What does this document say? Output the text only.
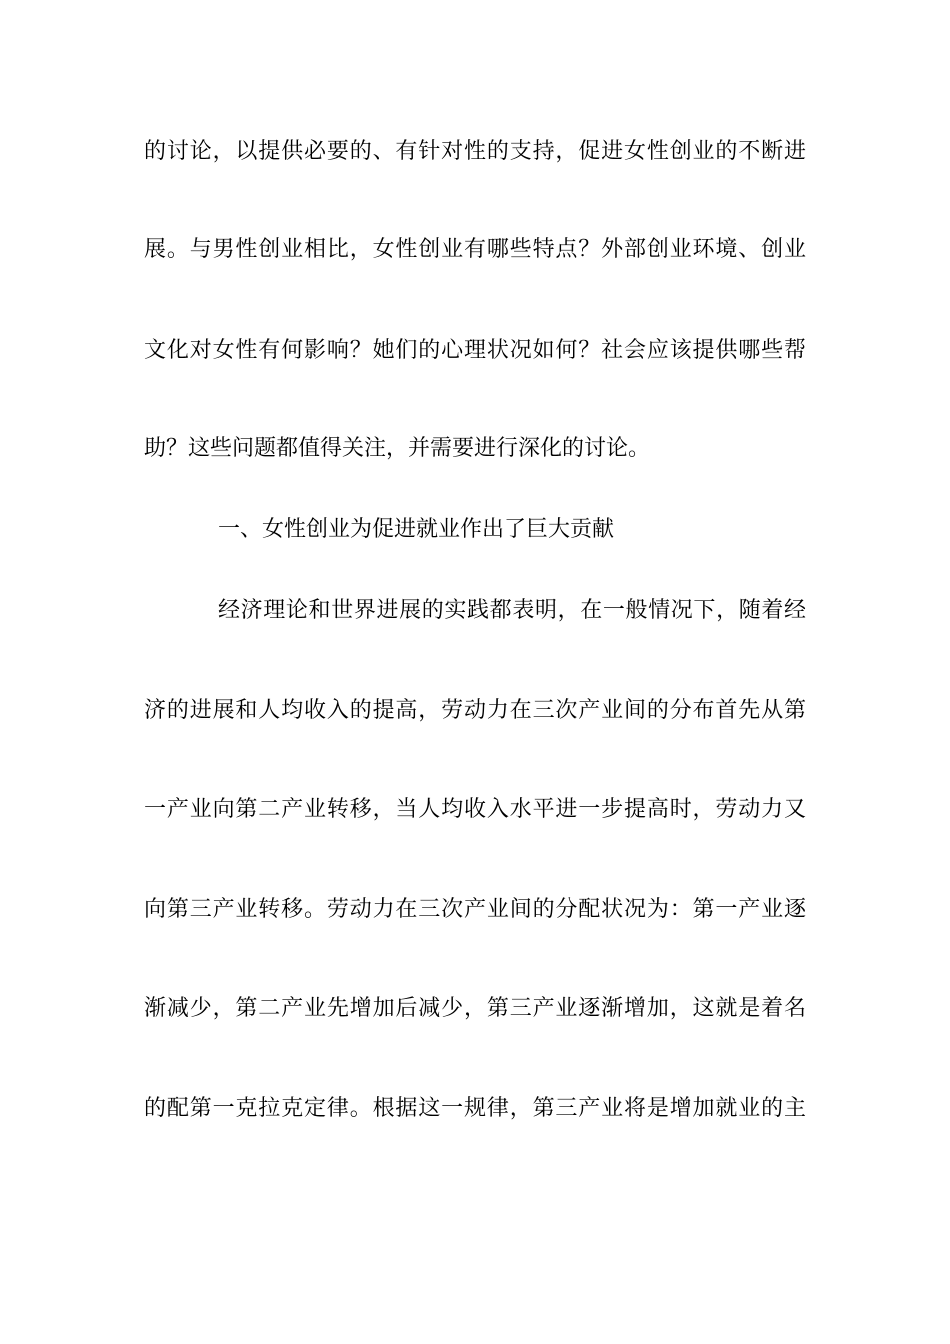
的讨论，以提供必要的、有针对性的支持，促进女性创业的不断进
展。与男性创业相比，女性创业有哪些特点？外部创业环境、创业
文化对女性有何影响？她们的心理状况如何？社会应该提供哪些帮
助？这些问题都值得关注，并需要进行深化的讨论。
一、女性创业为促进就业作出了巨大贡献
经济理论和世界进展的实践都表明，在一般情况下，随着经
济的进展和人均收入的提高，劳动力在三次产业间的分布首先从第
一产业向第二产业转移，当人均收入水平进一步提高时，劳动力又
向第三产业转移。劳动力在三次产业间的分配状况为：第一产业逐
渐减少，第二产业先增加后减少，第三产业逐渐增加，这就是着名
的配第一克拉克定律。根据这一规律，第三产业将是增加就业的主
